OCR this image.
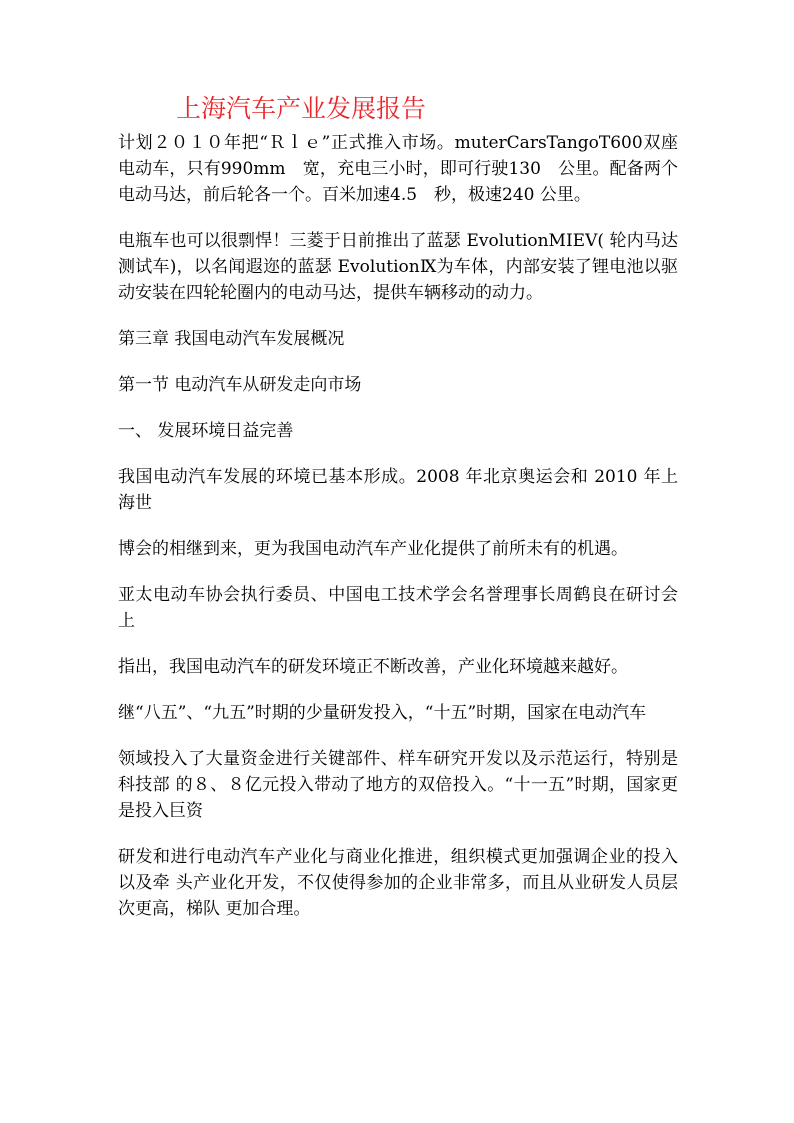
上海汽车产业发展报告

计划２０１０年把“Ｒｌｅ”正式推入市场。muterCarsTangoT600双座电动车，只有990mm　宽，充电三小时，即可行驶130　公里。配备两个电动马达，前后轮各一个。百米加速4.5　秒，极速240 公里。

电瓶车也可以很剽悍！三菱于日前推出了蓝瑟 EvolutionMIEV( 轮内马达测试车)，以名闻遐迩的蓝瑟 EvolutionⅨ为车体，内部安装了锂电池以驱动安装在四轮轮圈内的电动马达，提供车辆移动的动力。

第三章 我国电动汽车发展概况

第一节 电动汽车从研发走向市场

一、 发展环境日益完善

我国电动汽车发展的环境已基本形成。2008 年北京奥运会和 2010 年上海世

博会的相继到来，更为我国电动汽车产业化提供了前所未有的机遇。

亚太电动车协会执行委员、中国电工技术学会名誉理事长周鹤良在研讨会上

指出，我国电动汽车的研发环境正不断改善，产业化环境越来越好。

继“八五”、“九五”时期的少量研发投入，“十五”时期，国家在电动汽车

领域投入了大量资金进行关键部件、样车研究开发以及示范运行，特别是科技部 的８、８亿元投入带动了地方的双倍投入。“十一五”时期，国家更是投入巨资

研发和进行电动汽车产业化与商业化推进，组织模式更加强调企业的投入以及牵 头产业化开发，不仅使得参加的企业非常多，而且从业研发人员层次更高，梯队 更加合理。
